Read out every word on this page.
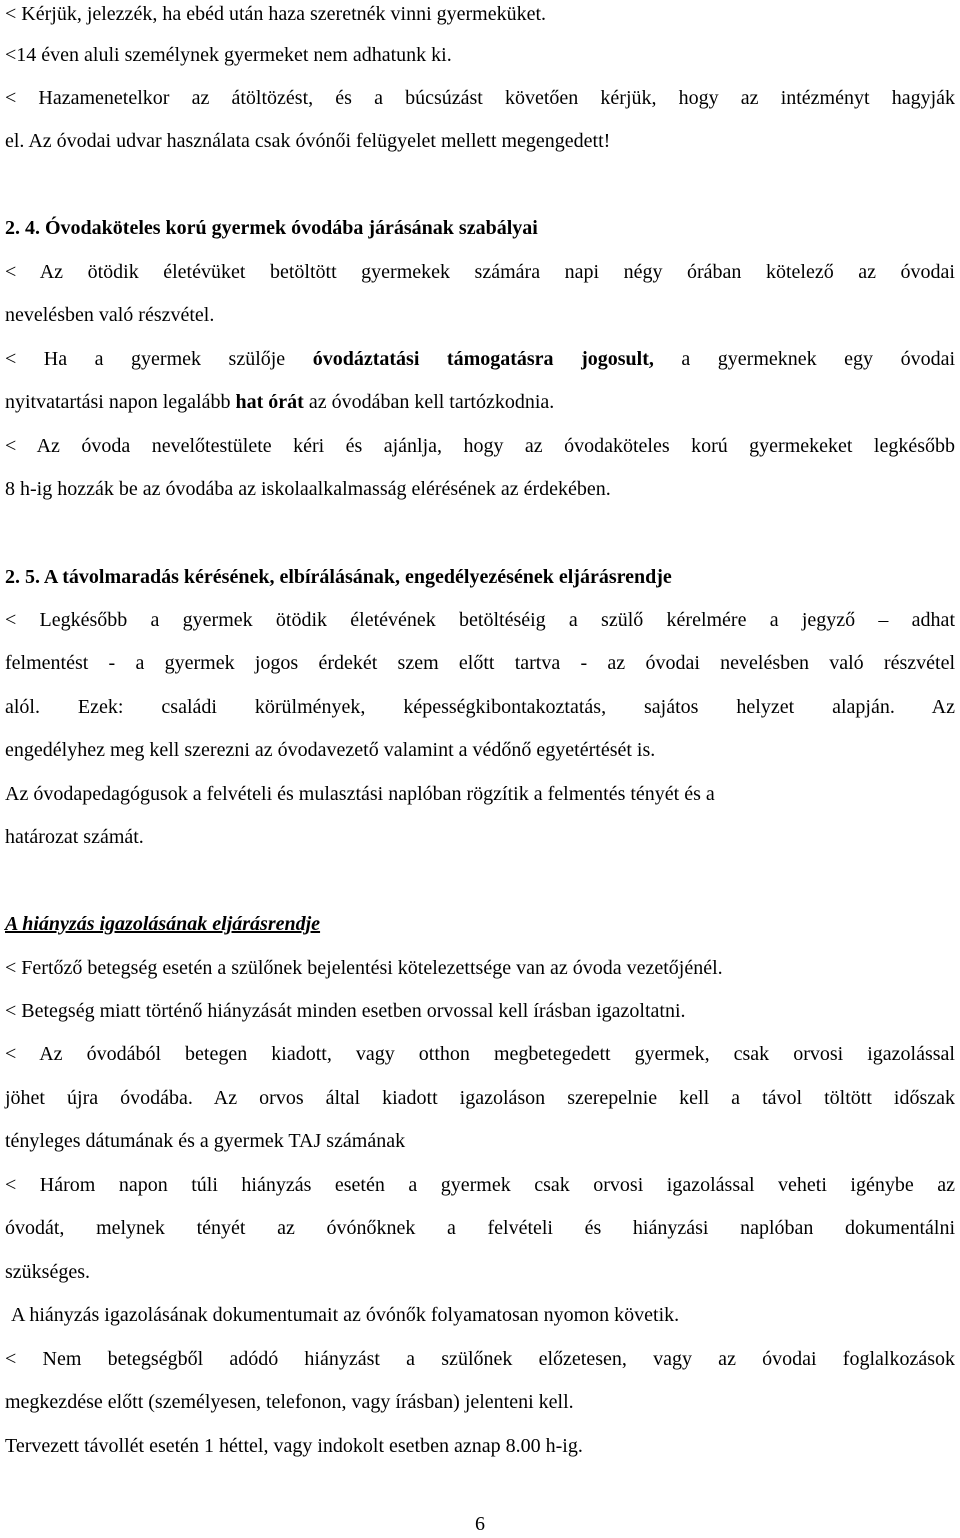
< Kérjük, jelezzék, ha ebéd után haza szeretnék vinni gyermeküket.
<14 éven aluli személynek gyermeket nem adhatunk ki.
< Hazamenetelkor az átöltözést, és a búcsúzást követően kérjük, hogy az intézményt hagyják
el. Az óvodai udvar használata csak óvónői felügyelet mellett megengedett!
2. 4. Óvodaköteles korú gyermek óvodába járásának szabályai
< Az ötödik életévüket betöltött gyermekek számára napi négy órában kötelező az óvodai
nevelésben való részvétel.
< Ha a gyermek szülője óvodáztatási támogatásra jogosult, a gyermeknek egy óvodai
nyitvatartási napon legalább hat órát az óvodában kell tartózkodnia.
< Az óvoda nevelőtestülete kéri és ajánlja, hogy az óvodaköteles korú gyermekeket legkésőbb
8 h-ig hozzák be az óvodába az iskolaalkalmasság elérésének az érdekében.
2. 5. A távolmaradás kérésének, elbírálásának, engedélyezésének eljárásrendje
< Legkésőbb a gyermek ötödik életévének betöltéséig a szülő kérelmére a jegyző – adhat
felmentést - a gyermek jogos érdekét szem előtt tartva - az óvodai nevelésben való részvétel
alól. Ezek: családi körülmények, képességkibontakoztatás, sajátos helyzet alapján. Az
engedélyhez meg kell szerezni az óvodavezető valamint a védőnő egyetértését is.
Az óvodapedagógusok a felvételi és mulasztási naplóban rögzítik a felmentés tényét és a
határozat számát.
A hiányzás igazolásának eljárásrendje
< Fertőző betegség esetén a szülőnek bejelentési kötelezettsége van az óvoda vezetőjénél.
< Betegség miatt történő hiányzását minden esetben orvossal kell írásban igazoltatni.
< Az óvodából betegen kiadott, vagy otthon megbetegedett gyermek, csak orvosi igazolással
jöhet újra óvodába. Az orvos által kiadott igazoláson szerepelnie kell a távol töltött időszak
tényleges dátumának és a gyermek TAJ számának
< Három napon túli hiányzás esetén a gyermek csak orvosi igazolással veheti igénybe az
óvodát, melynek tényét az óvónőknek a felvételi és hiányzási naplóban dokumentálni
szükséges.
A hiányzás igazolásának dokumentumait az óvónők folyamatosan nyomon követik.
< Nem betegségből adódó hiányzást a szülőnek előzetesen, vagy az óvodai foglalkozások
megkezdése előtt (személyesen, telefonon, vagy írásban) jelenteni kell.
Tervezett távollét esetén 1 héttel, vagy indokolt esetben aznap 8.00 h-ig.
6
